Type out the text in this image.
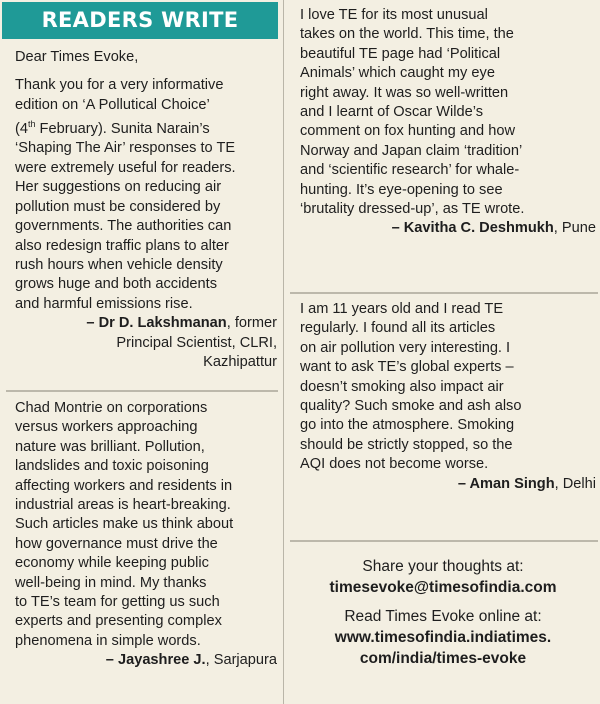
READERS WRITE

Dear Times Evoke,

Thank you for a very informative

edition on ‘A Pollutical Choice’

(4th February). Sunita Narain’s

‘Shaping The Air’ responses to TE

were extremely useful for readers.

Her suggestions on reducing air

pollution must be considered by

governments. The authorities can

also redesign traffic plans to alter

rush hours when vehicle density

grows huge and both accidents

and harmful emissions rise.

– Dr D. Lakshmanan, former

Principal Scientist, CLRI,

Kazhipattur

Chad Montrie on corporations

versus workers approaching

nature was brilliant. Pollution,

landslides and toxic poisoning

affecting workers and residents in

industrial areas is heart-breaking.

Such articles make us think about

how governance must drive the

economy while keeping public

well-being in mind. My thanks

to TE’s team for getting us such

experts and presenting complex

phenomena in simple words.

– Jayashree J., Sarjapura

I love TE for its most unusual

takes on the world. This time, the

beautiful TE page had ‘Political

Animals’ which caught my eye

right away. It was so well-written

and I learnt of Oscar Wilde’s

comment on fox hunting and how

Norway and Japan claim ‘tradition’

and ‘scientific research’ for whale-

hunting. It’s eye-opening to see

‘brutality dressed-up’, as TE wrote.

– Kavitha C. Deshmukh, Pune

I am 11 years old and I read TE

regularly. I found all its articles

on air pollution very interesting. I

want to ask TE’s global experts –

doesn’t smoking also impact air

quality? Such smoke and ash also

go into the atmosphere. Smoking

should be strictly stopped, so the

AQI does not become worse.

– Aman Singh, Delhi

Share your thoughts at:
timesevoke@timesofindia.com
Read Times Evoke online at:
www.timesofindia.indiatimes.
com/india/times-evoke
